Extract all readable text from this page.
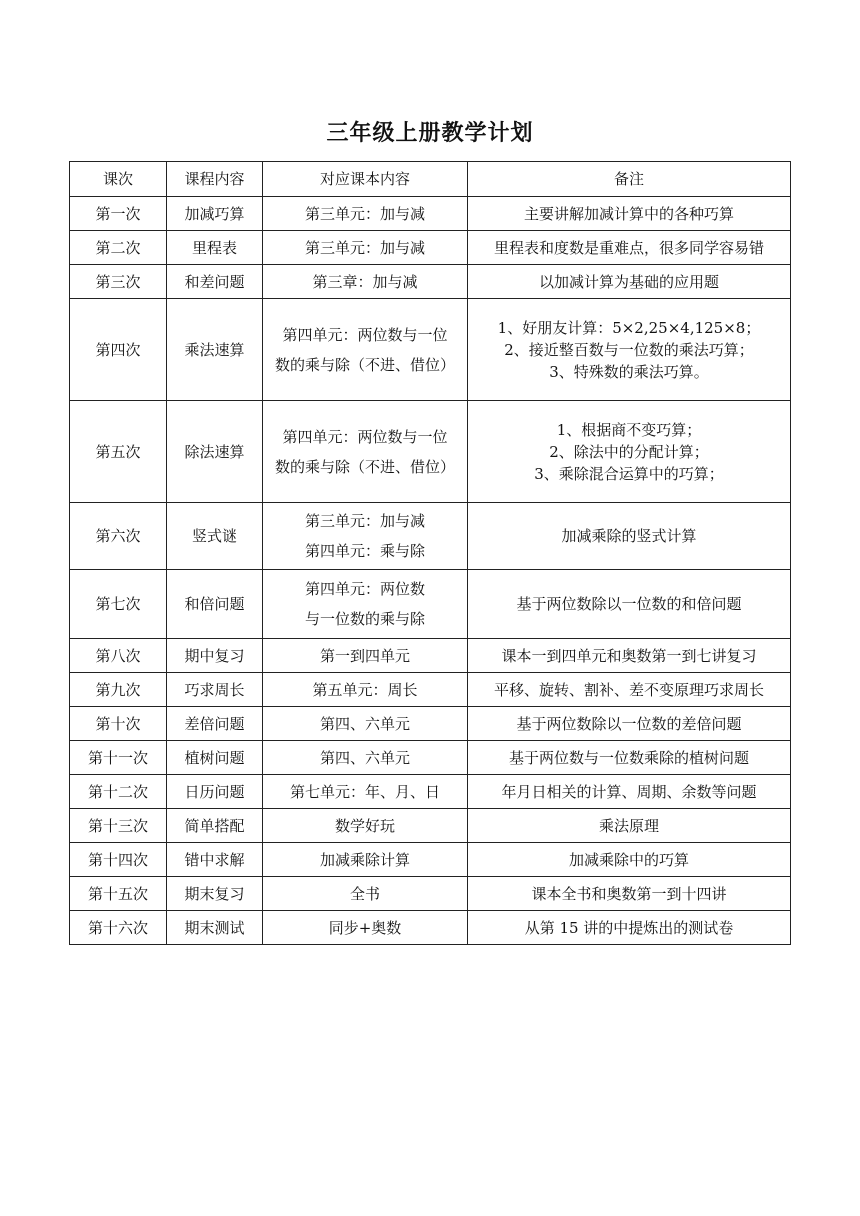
三年级上册教学计划
课次	课程内容	对应课本内容	备注
第一次	加减巧算	第三单元：加与减	主要讲解加减计算中的各种巧算

第二次	里程表	第三单元：加与减	里程表和度数是重难点，很多同学容易错

第三次	和差问题	第三章：加与减	以加减计算为基础的应用题

第四次	乘法速算	第四单元：两位数与一位
数的乘与除（不进、借位）	1、好朋友计算：5×2,25×4,125×8；
2、接近整百数与一位数的乘法巧算；
3、特殊数的乘法巧算。

第五次	除法速算	第四单元：两位数与一位
数的乘与除（不进、借位）	1、根据商不变巧算；
2、除法中的分配计算；
3、乘除混合运算中的巧算；

第六次	竖式谜	第三单元：加与减
第四单元：乘与除	加减乘除的竖式计算

第七次	和倍问题	第四单元：两位数
与一位数的乘与除	基于两位数除以一位数的和倍问题

第八次	期中复习	第一到四单元	课本一到四单元和奥数第一到七讲复习

第九次	巧求周长	第五单元：周长	平移、旋转、割补、差不变原理巧求周长

第十次	差倍问题	第四、六单元	基于两位数除以一位数的差倍问题

第十一次	植树问题	第四、六单元	基于两位数与一位数乘除的植树问题

第十二次	日历问题	第七单元：年、月、日	年月日相关的计算、周期、余数等问题

第十三次	简单搭配	数学好玩	乘法原理

第十四次	错中求解	加减乘除计算	加减乘除中的巧算

第十五次	期末复习	全书	课本全书和奥数第一到十四讲

第十六次	期末测试	同步+奥数	从第 15 讲的中提炼出的测试卷
